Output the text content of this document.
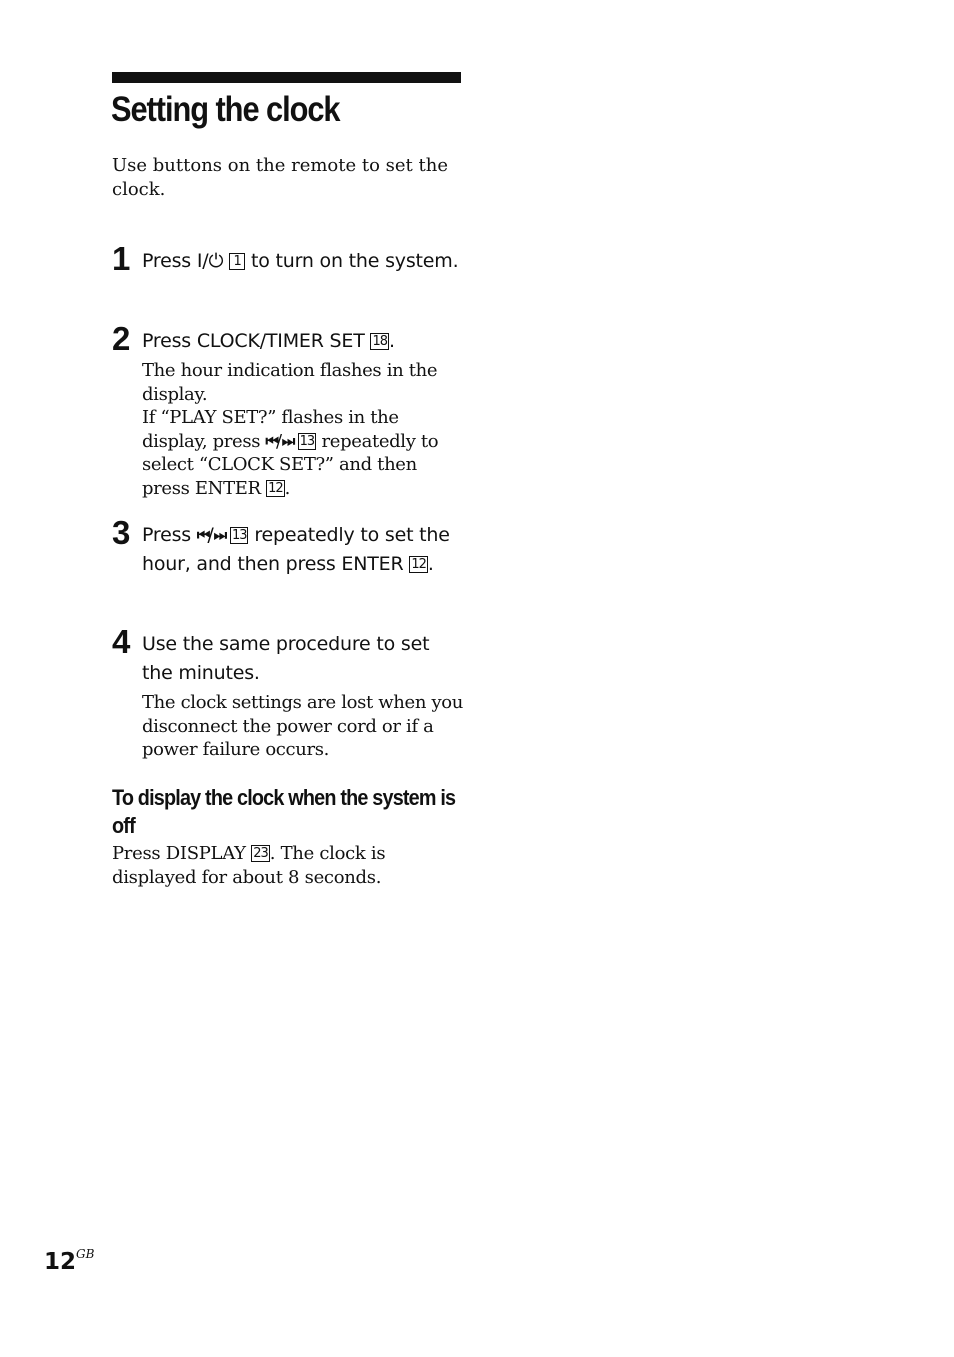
Setting the clock
Use buttons on the remote to set the clock.
1 Press I/⏻ 1 to turn on the system.
2 Press CLOCK/TIMER SET 18 .
The hour indication flashes in the display.
If “PLAY SET?” flashes in the display, press ⏮/⏭ 13 repeatedly to select “CLOCK SET?” and then press ENTER 12 .
3 Press ⏮/⏭ 13 repeatedly to set the hour, and then press ENTER 12 .
4 Use the same procedure to set the minutes.
The clock settings are lost when you disconnect the power cord or if a power failure occurs.
To display the clock when the system is off
Press DISPLAY 23 . The clock is displayed for about 8 seconds.
$12^{GB}$
